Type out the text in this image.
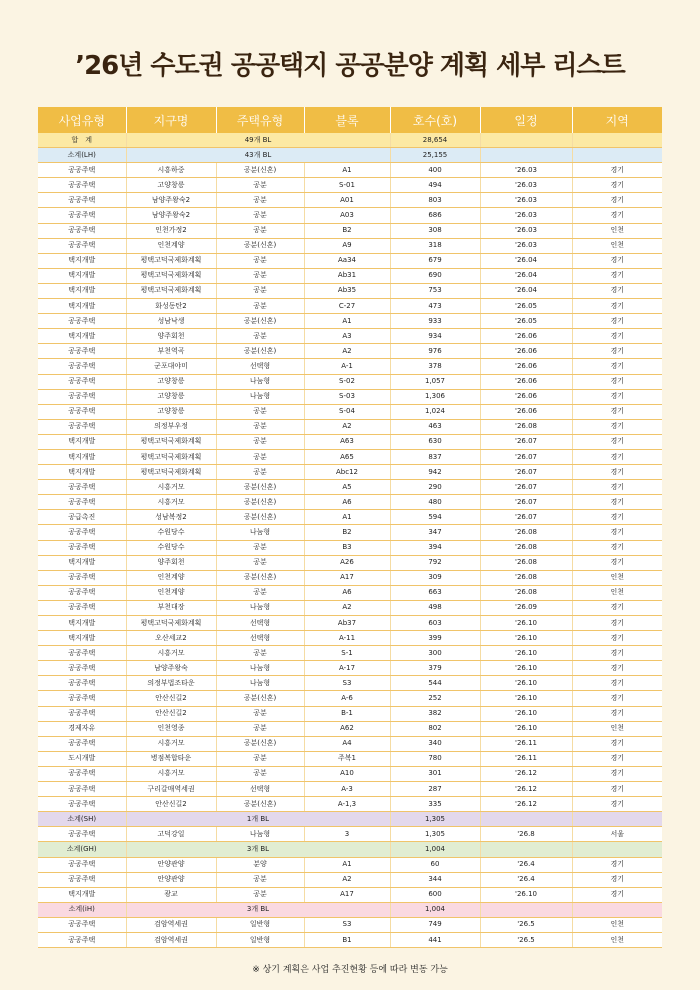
’26년 수도권 공공택지 공공분양 계획 세부 리스트
사업유형	지구명	주택유형	블록	호수(호)	일정	지역
합　계	49개 BL			28,654		
소계(LH)	43개 BL			25,155		
공공주택	시흥하중	공분(신혼)	A1	400	'26.03	경기
공공주택	고양창릉	공분	S-01	494	'26.03	경기
공공주택	남양주왕숙2	공분	A01	803	'26.03	경기
공공주택	남양주왕숙2	공분	A03	686	'26.03	경기
공공주택	인천가정2	공분	B2	308	'26.03	인천
공공주택	인천계양	공분(신혼)	A9	318	'26.03	인천
택지개발	평택고덕국제화계획	공분	Aa34	679	'26.04	경기
택지개발	평택고덕국제화계획	공분	Ab31	690	'26.04	경기
택지개발	평택고덕국제화계획	공분	Ab35	753	'26.04	경기
택지개발	화성동탄2	공분	C-27	473	'26.05	경기
공공주택	성남낙생	공분(신혼)	A1	933	'26.05	경기
택지개발	양주회천	공분	A3	934	'26.06	경기
공공주택	부천역곡	공분(신혼)	A2	976	'26.06	경기
공공주택	군포대야미	선택형	A-1	378	'26.06	경기
공공주택	고양창릉	나눔형	S-02	1,057	'26.06	경기
공공주택	고양창릉	나눔형	S-03	1,306	'26.06	경기
공공주택	고양창릉	공분	S-04	1,024	'26.06	경기
공공주택	의정부우정	공분	A2	463	'26.08	경기
택지개발	평택고덕국제화계획	공분	A63	630	'26.07	경기
택지개발	평택고덕국제화계획	공분	A65	837	'26.07	경기
택지개발	평택고덕국제화계획	공분	Abc12	942	'26.07	경기
공공주택	시흥거모	공분(신혼)	A5	290	'26.07	경기
공공주택	시흥거모	공분(신혼)	A6	480	'26.07	경기
공급촉진	성남복정2	공분(신혼)	A1	594	'26.07	경기
공공주택	수원당수	나눔형	B2	347	'26.08	경기
공공주택	수원당수	공분	B3	394	'26.08	경기
택지개발	양주회천	공분	A26	792	'26.08	경기
공공주택	인천계양	공분(신혼)	A17	309	'26.08	인천
공공주택	인천계양	공분	A6	663	'26.08	인천
공공주택	부천대장	나눔형	A2	498	'26.09	경기
택지개발	평택고덕국제화계획	선택형	Ab37	603	'26.10	경기
택지개발	오산세교2	선택형	A-11	399	'26.10	경기
공공주택	시흥거모	공분	S-1	300	'26.10	경기
공공주택	남양주왕숙	나눔형	A-17	379	'26.10	경기
공공주택	의정부법조타운	나눔형	S3	544	'26.10	경기
공공주택	안산신길2	공분(신혼)	A-6	252	'26.10	경기
공공주택	안산신길2	공분	B-1	382	'26.10	경기
경제자유	인천영종	공분	A62	802	'26.10	인천
공공주택	시흥거모	공분(신혼)	A4	340	'26.11	경기
도시개발	병점복합타운	공분	주복1	780	'26.11	경기
공공주택	시흥거모	공분	A10	301	'26.12	경기
공공주택	구리갈매역세권	선택형	A-3	287	'26.12	경기
공공주택	안산신길2	공분(신혼)	A-1,3	335	'26.12	경기
소계(SH)	1개 BL			1,305		
공공주택	고덕강일	나눔형	3	1,305	'26.8	서울
소계(GH)	3개 BL			1,004		
공공주택	안양관양	분양	A1	60	'26.4	경기
공공주택	안양관양	공분	A2	344	'26.4	경기
택지개발	광교	공분	A17	600	'26.10	경기
소계(iH)	3개 BL			1,004		
공공주택	검암역세권	일반형	S3	749	'26.5	인천
공공주택	검암역세권	일반형	B1	441	'26.5	인천
※ 상기 계획은 사업 추진현황 등에 따라 변동 가능
